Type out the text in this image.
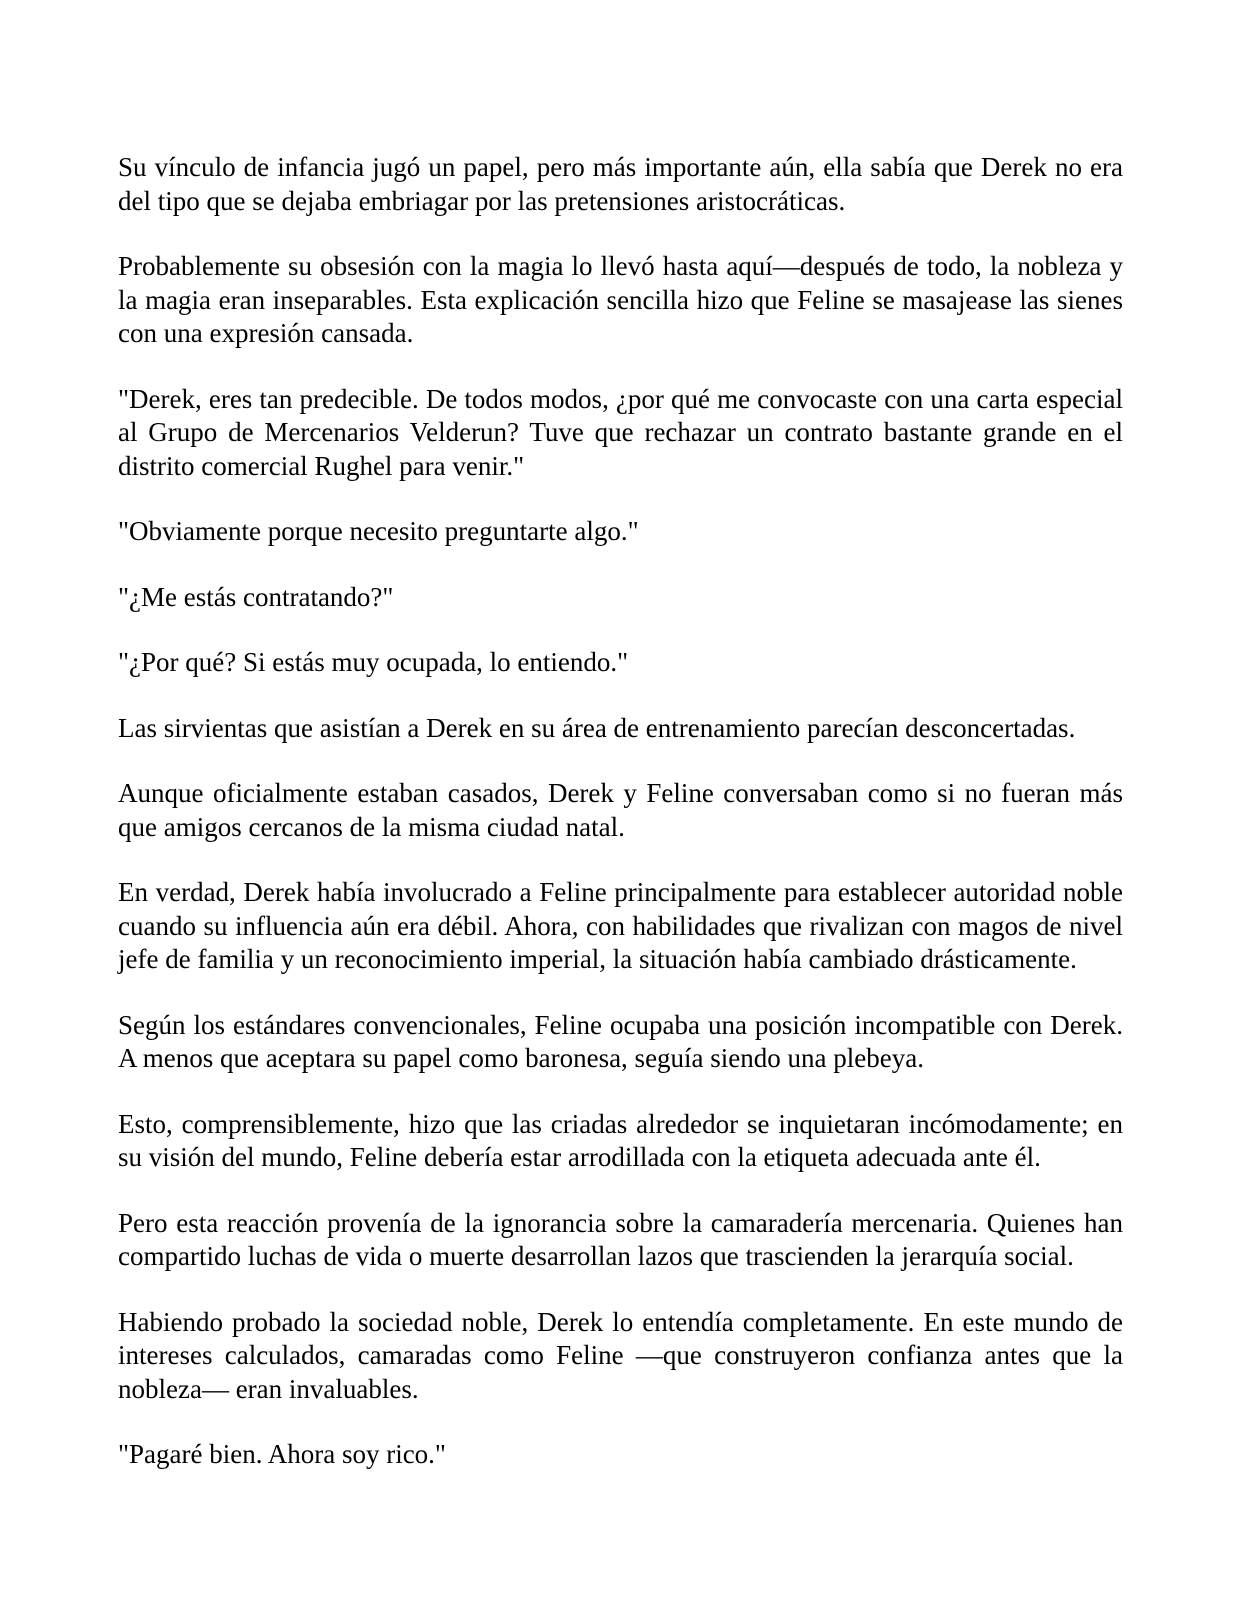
Su vínculo de infancia jugó un papel, pero más importante aún, ella sabía que Derek no era del tipo que se dejaba embriagar por las pretensiones aristocráticas.

Probablemente su obsesión con la magia lo llevó hasta aquí—después de todo, la nobleza y la magia eran inseparables. Esta explicación sencilla hizo que Feline se masajease las sienes con una expresión cansada.

"Derek, eres tan predecible. De todos modos, ¿por qué me convocaste con una carta especial al Grupo de Mercenarios Velderun? Tuve que rechazar un contrato bastante grande en el distrito comercial Rughel para venir."

"Obviamente porque necesito preguntarte algo."

"¿Me estás contratando?"

"¿Por qué? Si estás muy ocupada, lo entiendo."

Las sirvientas que asistían a Derek en su área de entrenamiento parecían desconcertadas.

Aunque oficialmente estaban casados, Derek y Feline conversaban como si no fueran más que amigos cercanos de la misma ciudad natal.

En verdad, Derek había involucrado a Feline principalmente para establecer autoridad noble cuando su influencia aún era débil. Ahora, con habilidades que rivalizan con magos de nivel jefe de familia y un reconocimiento imperial, la situación había cambiado drásticamente.

Según los estándares convencionales, Feline ocupaba una posición incompatible con Derek. A menos que aceptara su papel como baronesa, seguía siendo una plebeya.

Esto, comprensiblemente, hizo que las criadas alrededor se inquietaran incómodamente; en su visión del mundo, Feline debería estar arrodillada con la etiqueta adecuada ante él.

Pero esta reacción provenía de la ignorancia sobre la camaradería mercenaria. Quienes han compartido luchas de vida o muerte desarrollan lazos que trascienden la jerarquía social.

Habiendo probado la sociedad noble, Derek lo entendía completamente. En este mundo de intereses calculados, camaradas como Feline —que construyeron confianza antes que la nobleza— eran invaluables.

"Pagaré bien. Ahora soy rico."
